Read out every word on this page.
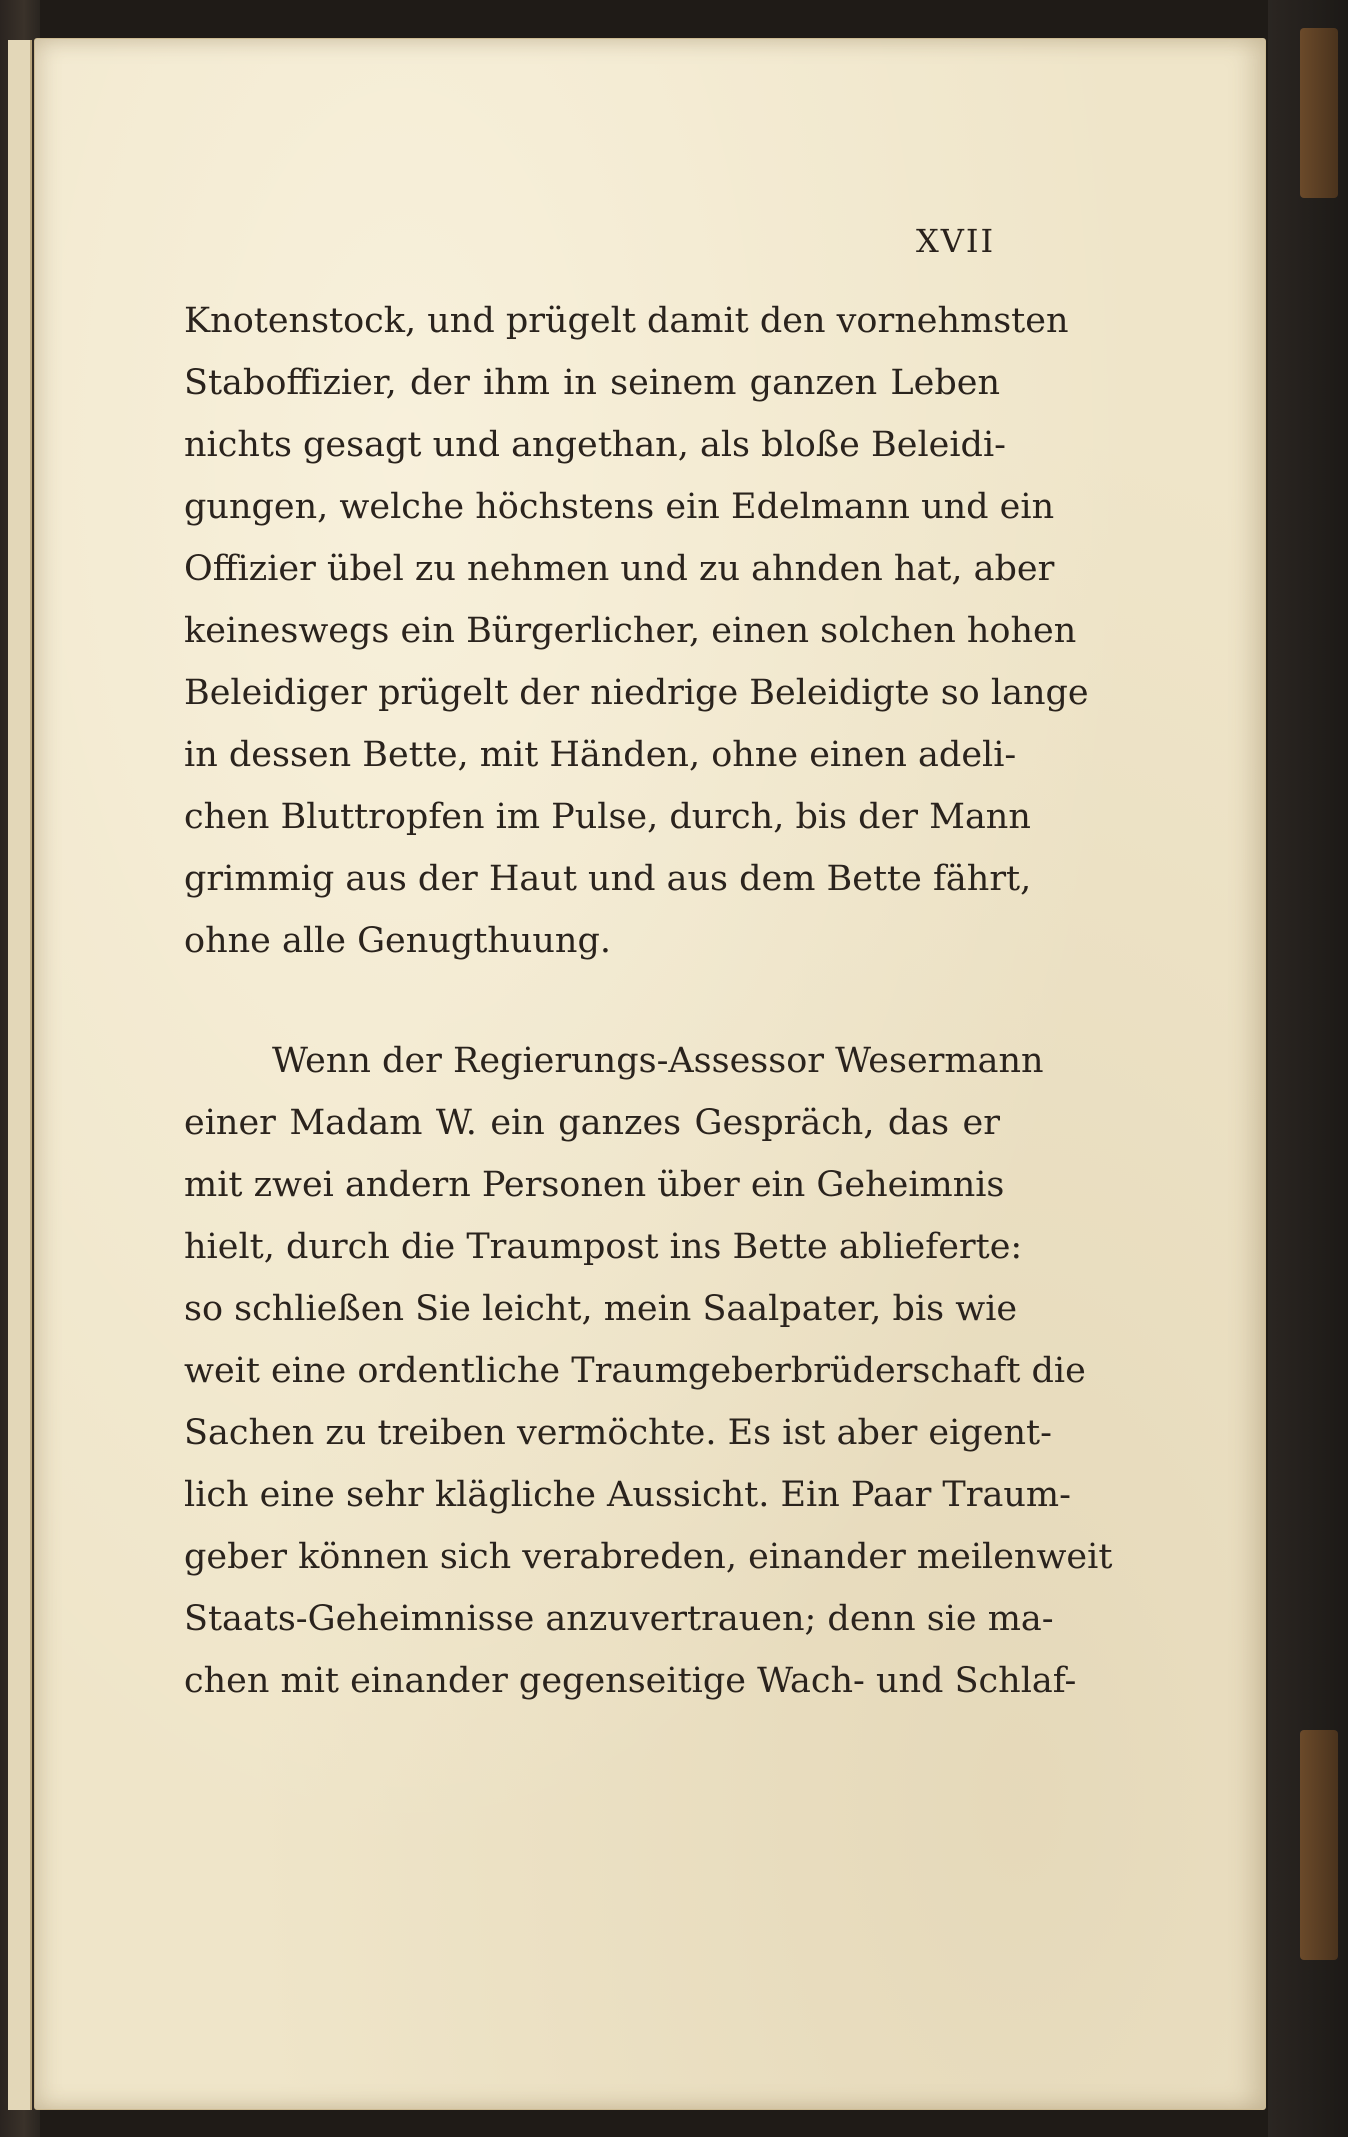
XVII
Knotenstock, und prügelt damit den vornehmsten
Staboffizier, der ihm in seinem ganzen Leben
nichts gesagt und angethan, als bloße Beleidi-
gungen, welche höchstens ein Edelmann und ein
Offizier übel zu nehmen und zu ahnden hat, aber
keineswegs ein Bürgerlicher, einen solchen hohen
Beleidiger prügelt der niedrige Beleidigte so lange
in dessen Bette, mit Händen, ohne einen adeli-
chen Bluttropfen im Pulse, durch, bis der Mann
grimmig aus der Haut und aus dem Bette fährt,
ohne alle Genugthuung.
Wenn der Regierungs-Assessor Wesermann
einer Madam W. ein ganzes Gespräch, das er
mit zwei andern Personen über ein Geheimnis
hielt, durch die Traumpost ins Bette ablieferte:
so schließen Sie leicht, mein Saalpater, bis wie
weit eine ordentliche Traumgeberbrüderschaft die
Sachen zu treiben vermöchte. Es ist aber eigent-
lich eine sehr klägliche Aussicht. Ein Paar Traum-
geber können sich verabreden, einander meilenweit
Staats-Geheimnisse anzuvertrauen; denn sie ma-
chen mit einander gegenseitige Wach- und Schlaf-
